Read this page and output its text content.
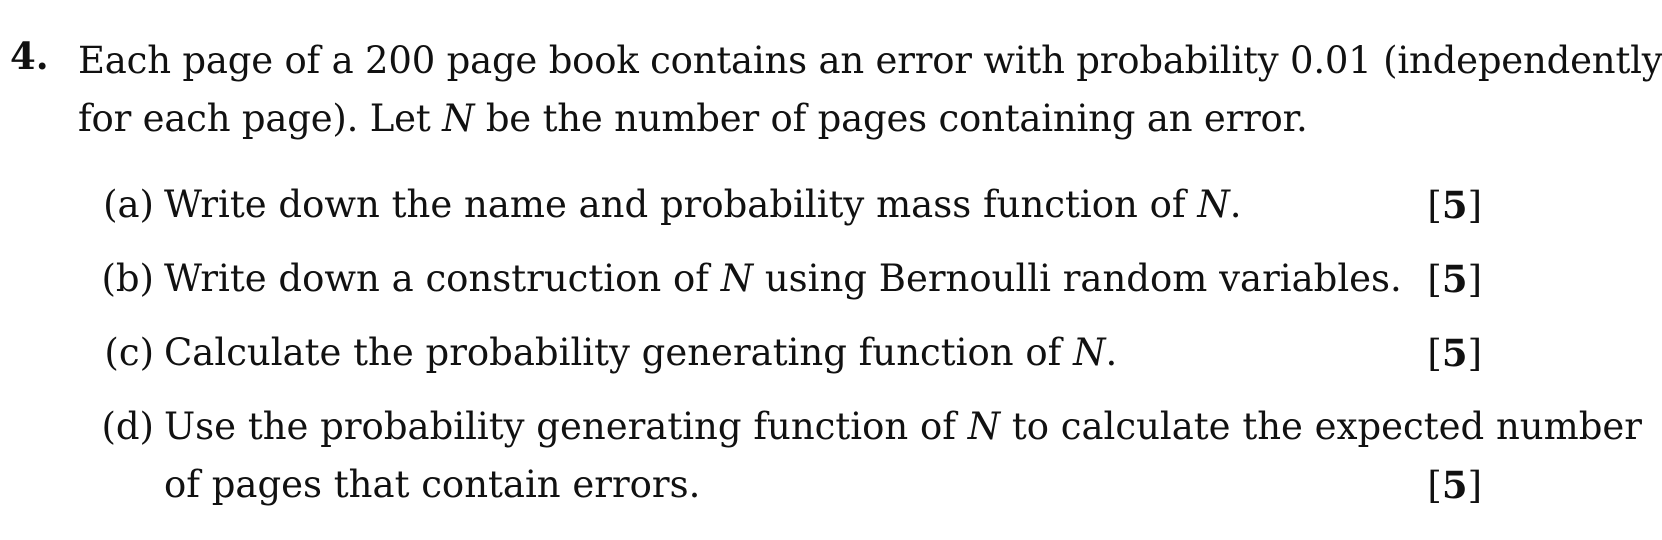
4. Each page of a 200 page book contains an error with probability 0.01 (independently
for each page). Let N be the number of pages containing an error.
(a) Write down the name and probability mass function of N.	[5]
(b) Write down a construction of N using Bernoulli random variables. [5]
(c) Calculate the probability generating function of N.	[5]
(d) Use the probability generating function of N to calculate the expected number
of pages that contain errors.	[5]
